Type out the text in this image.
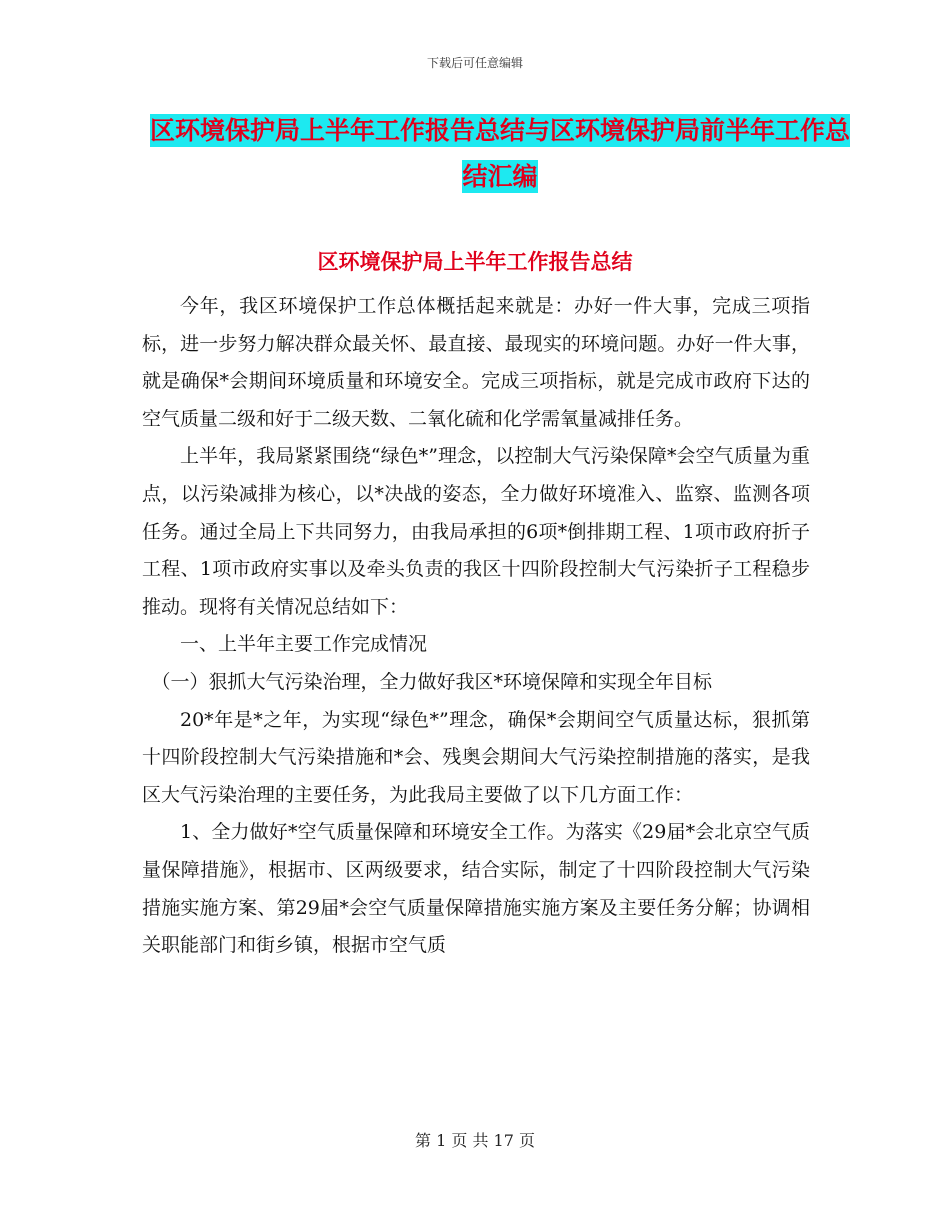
下载后可任意编辑
区环境保护局上半年工作报告总结与区环境保护局前半年工作总结汇编
区环境保护局上半年工作报告总结

今年，我区环境保护工作总体概括起来就是：办好一件大事，完成三项指标，进一步努力解决群众最关怀、最直接、最现实的环境问题。办好一件大事，就是确保*会期间环境质量和环境安全。完成三项指标，就是完成市政府下达的空气质量二级和好于二级天数、二氧化硫和化学需氧量减排任务。

上半年，我局紧紧围绕“绿色*”理念，以控制大气污染保障*会空气质量为重点，以污染减排为核心，以*决战的姿态，全力做好环境准入、监察、监测各项任务。通过全局上下共同努力，由我局承担的6项*倒排期工程、1项市政府折子工程、1项市政府实事以及牵头负责的我区十四阶段控制大气污染折子工程稳步推动。现将有关情况总结如下：

一、上半年主要工作完成情况

（一）狠抓大气污染治理，全力做好我区*环境保障和实现全年目标

20*年是*之年，为实现“绿色*”理念，确保*会期间空气质量达标，狠抓第十四阶段控制大气污染措施和*会、残奥会期间大气污染控制措施的落实，是我区大气污染治理的主要任务，为此我局主要做了以下几方面工作：

1、全力做好*空气质量保障和环境安全工作。为落实《29届*会北京空气质量保障措施》，根据市、区两级要求，结合实际，制定了十四阶段控制大气污染措施实施方案、第29届*会空气质量保障措施实施方案及主要任务分解；协调相关职能部门和街乡镇，根据市空气质

第 1 页 共 17 页
